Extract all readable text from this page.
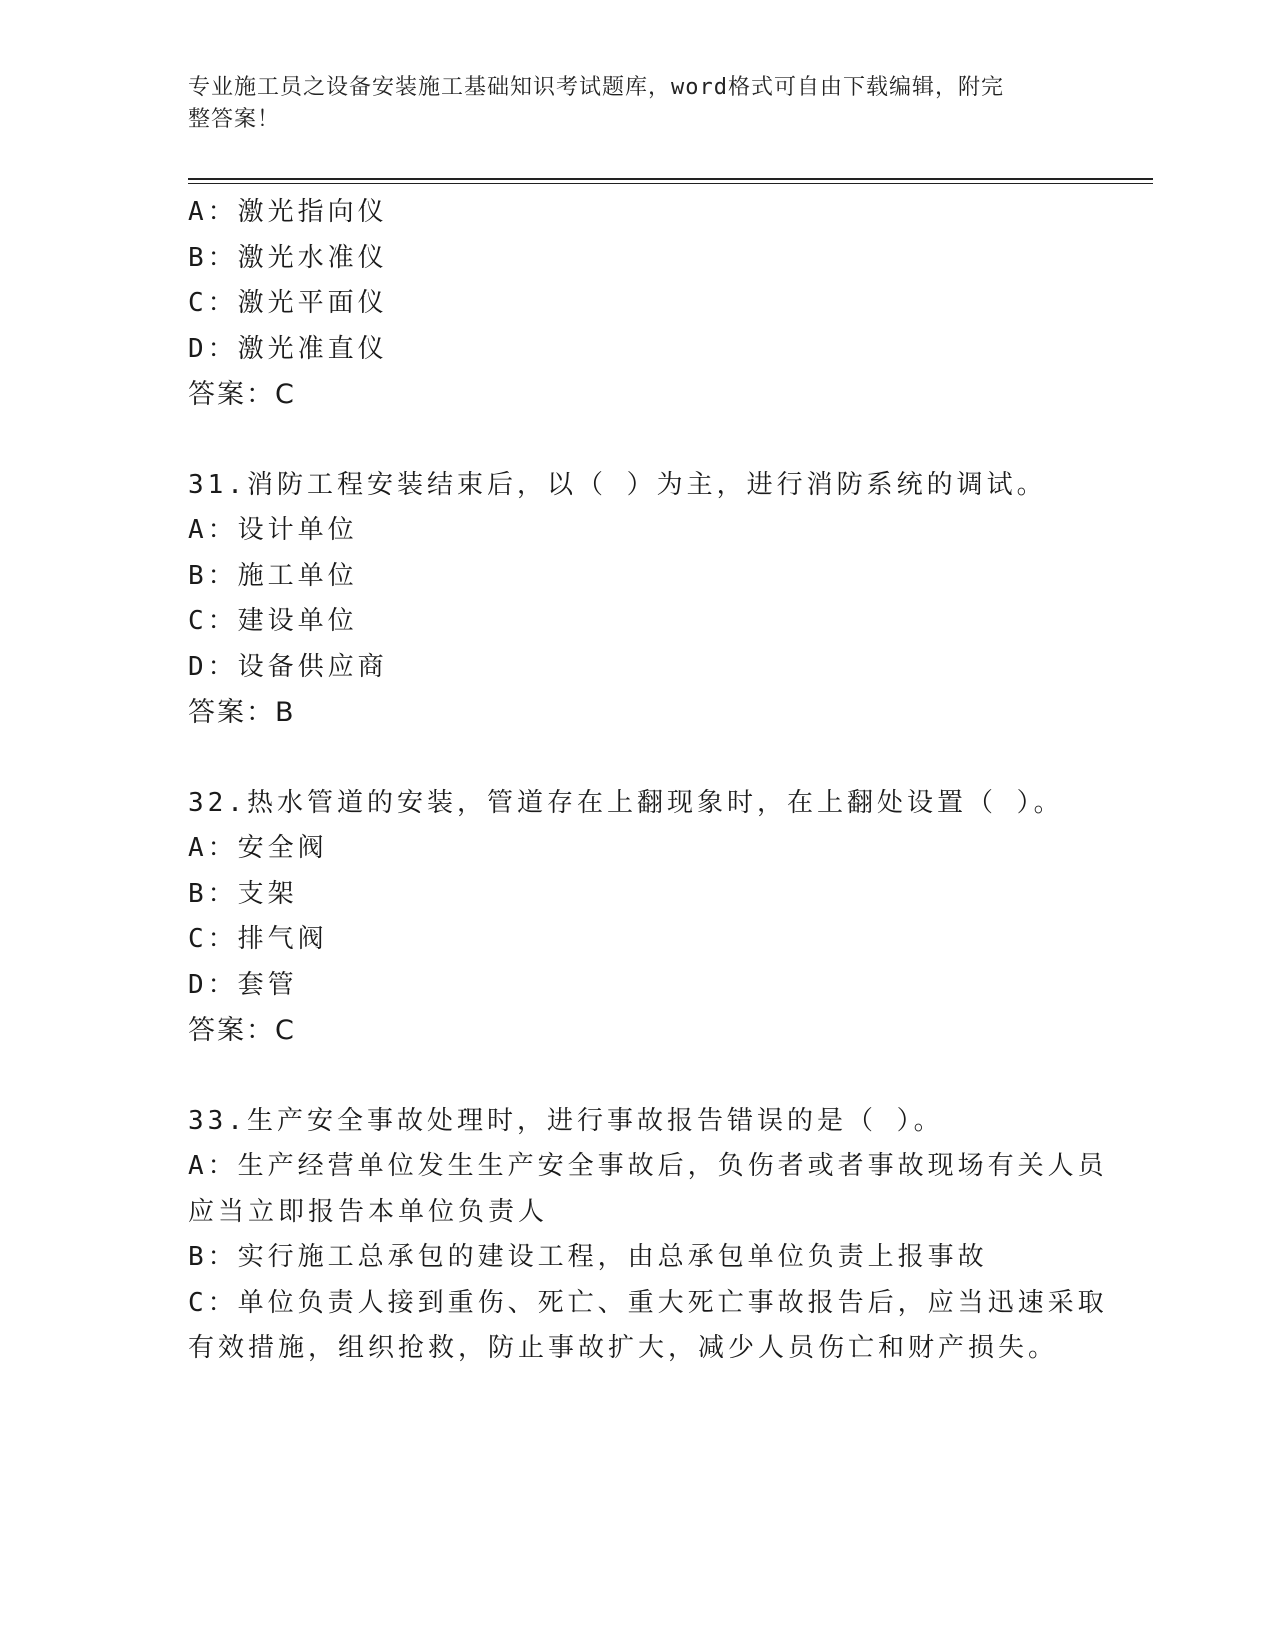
专业施工员之设备安装施工基础知识考试题库，word格式可自由下载编辑，附完
整答案！
A：激光指向仪
B：激光水准仪
C：激光平面仪
D：激光准直仪
答案：C
31.消防工程安装结束后，以（ ）为主，进行消防系统的调试。
A：设计单位
B：施工单位
C：建设单位
D：设备供应商
答案：B
32.热水管道的安装，管道存在上翻现象时，在上翻处设置（ ）。
A：安全阀
B：支架
C：排气阀
D：套管
答案：C
33.生产安全事故处理时，进行事故报告错误的是（ ）。
A：生产经营单位发生生产安全事故后，负伤者或者事故现场有关人员
应当立即报告本单位负责人
B：实行施工总承包的建设工程，由总承包单位负责上报事故
C：单位负责人接到重伤、死亡、重大死亡事故报告后，应当迅速采取
有效措施，组织抢救，防止事故扩大，减少人员伤亡和财产损失。
